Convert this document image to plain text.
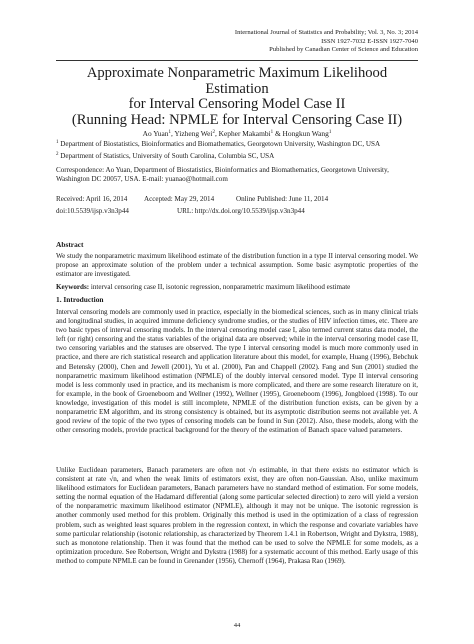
International Journal of Statistics and Probability; Vol. 3, No. 3; 2014
ISSN 1927-7032 E-ISSN 1927-7040
Published by Canadian Center of Science and Education
Approximate Nonparametric Maximum Likelihood Estimation
for Interval Censoring Model Case II
(Running Head: NPMLE for Interval Censoring Case II)
Ao Yuan$^1$, Yizheng Wei$^2$, Kepher Makambi$^1$ & Hongkun Wang$^1$

$^1$ Department of Biostatistics, Bioinformatics and Biomathematics, Georgetown University, Washington DC, USA

$^2$ Department of Statistics, University of South Carolina, Columbia SC, USA

Correspondence: Ao Yuan, Department of Biostatistics, Bioinformatics and Biomathematics, Georgetown University,
Washington DC 20057, USA. E-mail: yuanao@hotmail.com
Received: April 16, 2014 Accepted: May 29, 2014	Online Published: June 11, 2014
doi:10.5539/ijsp.v3n3p44	URL: http://dx.doi.org/10.5539/ijsp.v3n3p44
Abstract
We study the nonparametric maximum likelihood estimate of the distribution function in a type II interval censoring model. We propose an approximate solution of the problem under a technical assumption. Some basic asymptotic properties of the estimator are investigated.
Keywords: interval censoring case II, isotonic regression, nonparametric maximum likelihood estimate
1. Introduction
Interval censoring models are commonly used in practice, especially in the biomedical sciences, such as in many clinical trials and longitudinal studies, in acquired immune deficiency syndrome studies, or the studies of HIV infection times, etc. There are two basic types of interval censoring models. In the interval censoring model case I, also termed current status data model, the left (or right) censoring and the status variables of the original data are observed; while in the interval censoring model case II, two censoring variables and the statuses are observed. The type I interval censoring model is much more commonly used in practice, and there are rich statistical research and application literature about this model, for example, Huang (1996), Bebchuk and Betensky (2000), Chen and Jewell (2001), Yu et al. (2000), Pan and Chappell (2002). Fang and Sun (2001) studied the nonparametric maximum likelihood estimation (NPMLE) of the doubly interval censored model. Type II interval censoring model is less commonly used in practice, and its mechanism is more complicated, and there are some research literature on it, for example, in the book of Groeneboom and Wellner (1992), Wellner (1995), Groeneboom (1996), Jongbloed (1998). To our knowledge, investigation of this model is still incomplete, NPMLE of the distribution function exists, can be given by a nonparametric EM algorithm, and its strong consistency is obtained, but its asymptotic distribution seems not available yet. A good review of the topic of the two types of censoring models can be found in Sun (2012). Also, these models, along with the other censoring models, provide practical background for the theory of the estimation of Banach space valued parameters.
Unlike Euclidean parameters, Banach parameters are often not √n estimable, in that there exists no estimator which is consistent at rate √n, and when the weak limits of estimators exist, they are often non-Gaussian. Also, unlike maximum likelihood estimators for Euclidean parameters, Banach parameters have no standard method of estimation. For some models, setting the normal equation of the Hadamard differential (along some particular selected direction) to zero will yield a version of the nonparametric maximum likelihood estimator (NPMLE), although it may not be unique. The isotonic regression is another commonly used method for this problem. Originally this method is used in the optimization of a class of regression problem, such as weighted least squares problem in the regression context, in which the response and covariate variables have some particular relationship (isotonic relationship, as characterized by Theorem 1.4.1 in Robertson, Wright and Dykstra, 1988), such as monotone relationship. Then it was found that the method can be used to solve the NPMLE for some models, as a optimization procedure. See Robertson, Wright and Dykstra (1988) for a systematic account of this method. Early usage of this method to compute NPMLE can be found in Grenander (1956), Chernoff (1964), Prakasa Rao (1969).
44
